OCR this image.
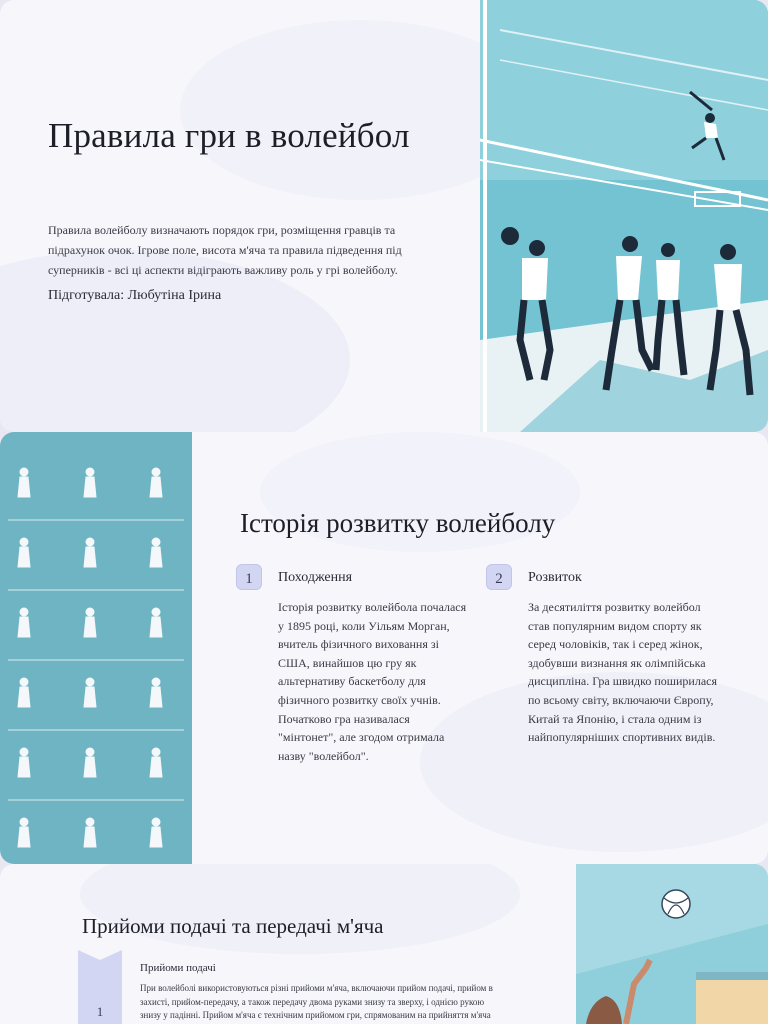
Правила гри в волейбол

Правила волейболу визначають порядок гри, розміщення гравців та підрахунок очок. Ігрове поле, висота м'яча та правила підведення під суперників - всі ці аспекти відіграють важливу роль у грі волейболу.

Підготувала: Любутіна Ірина

Історія розвитку волейболу
1	Походження

Історія розвитку волейбола почалася у 1895 році, коли Уільям Морган, вчитель фізичного виховання зі США, винайшов цю гру як альтернативу баскетболу для фізичного розвитку своїх учнів. Початково гра називалася "мінтонет", але згодом отримала назву "волейбол".

2	Розвиток

За десятиліття розвитку волейбол став популярним видом спорту як серед чоловіків, так і серед жінок, здобувши визнання як олімпійська дисципліна. Гра швидко поширилася по всьому світу, включаючи Європу, Китай та Японію, і стала одним із найпопулярніших спортивних видів.

Прийоми подачі та передачі м'яча
1
Прийоми подачі

При волейболі використовуються різні прийоми м'яча, включаючи прийом подачі, прийом в захисті, прийом-передачу, а також передачу двома руками знизу та зверху, і однією рукою знизу у падінні. Прийом м'яча є технічним прийомом гри, спрямованим на прийняття м'яча
